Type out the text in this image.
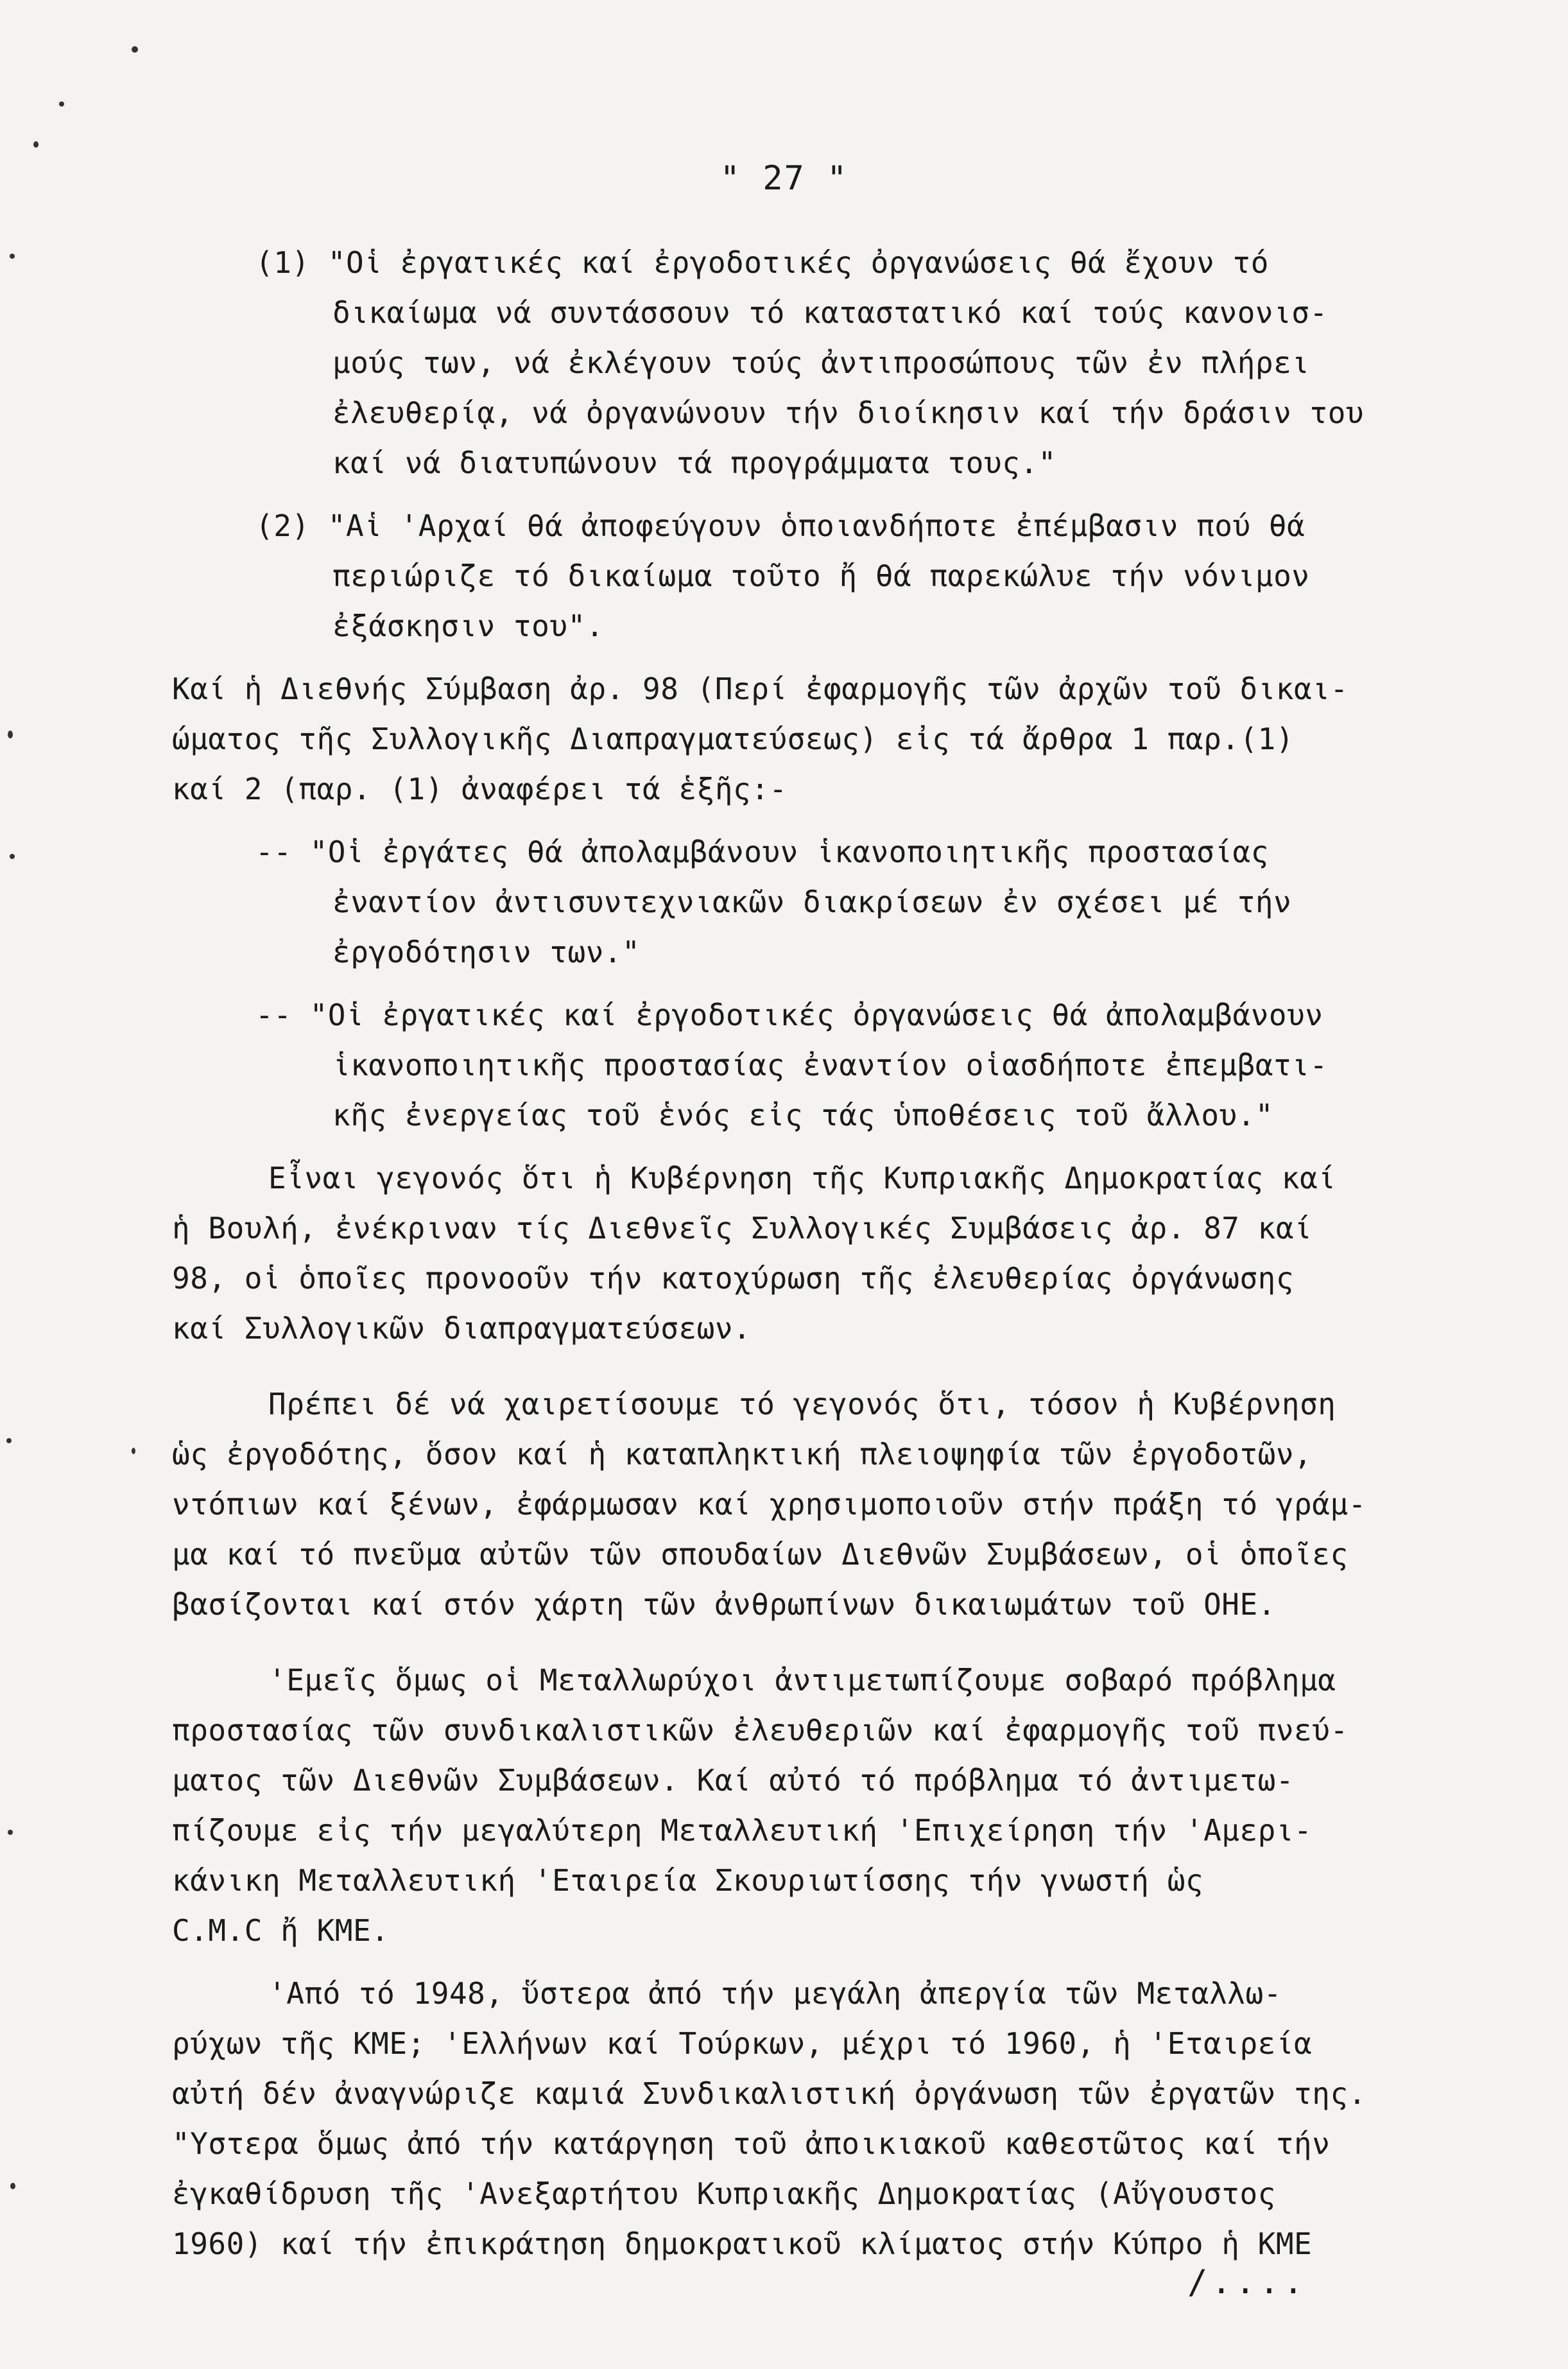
" 27 "
(1) "Οἱ ἐργατικές καί ἐργοδοτικές ὀργανώσεις θά ἔχουν τό
δικαίωμα νά συντάσσουν τό καταστατικό καί τούς κανονισ-
μούς των, νά ἐκλέγουν τούς ἀντιπροσώπους τῶν ἐν πλήρει
ἐλευθερίᾳ, νά ὀργανώνουν τήν διοίκησιν καί τήν δράσιν του
καί νά διατυπώνουν τά προγράμματα τους."
(2) "Αἱ 'Αρχαί θά ἀποφεύγουν ὁποιανδήποτε ἐπέμβασιν πού θά
περιώριζε τό δικαίωμα τοῦτο ἤ θά παρεκώλυε τήν νόνιμον
ἐξάσκησιν του".
Καί ἡ Διεθνής Σύμβαση ἀρ. 98 (Περί ἐφαρμογῆς τῶν ἀρχῶν τοῦ δικαι-
ώματος τῆς Συλλογικῆς Διαπραγματεύσεως) εἰς τά ἄρθρα 1 παρ.(1)
καί 2 (παρ. (1) ἀναφέρει τά ἑξῆς:-
-- "Οἱ ἐργάτες θά ἀπολαμβάνουν ἱκανοποιητικῆς προστασίας
ἐναντίον ἀντισυντεχνιακῶν διακρίσεων ἐν σχέσει μέ τήν
ἐργοδότησιν των."
-- "Οἱ ἐργατικές καί ἐργοδοτικές ὀργανώσεις θά ἀπολαμβάνουν
ἱκανοποιητικῆς προστασίας ἐναντίον οἱασδήποτε ἐπεμβατι-
κῆς ἐνεργείας τοῦ ἑνός εἰς τάς ὑποθέσεις τοῦ ἄλλου."
Εἶναι γεγονός ὅτι ἡ Κυβέρνηση τῆς Κυπριακῆς Δημοκρατίας καί
ἡ Βουλή, ἐνέκριναν τίς Διεθνεῖς Συλλογικές Συμβάσεις ἀρ. 87 καί
98, οἱ ὁποῖες προνοοῦν τήν κατοχύρωση τῆς ἐλευθερίας ὀργάνωσης
καί Συλλογικῶν διαπραγματεύσεων.
Πρέπει δέ νά χαιρετίσουμε τό γεγονός ὅτι, τόσον ἡ Κυβέρνηση
ὡς ἐργοδότης, ὅσον καί ἡ καταπληκτική πλειοψηφία τῶν ἐργοδοτῶν,
ντόπιων καί ξένων, ἐφάρμωσαν καί χρησιμοποιοῦν στήν πράξη τό γράμ-
μα καί τό πνεῦμα αὐτῶν τῶν σπουδαίων Διεθνῶν Συμβάσεων, οἱ ὁποῖες
βασίζονται καί στόν χάρτη τῶν ἀνθρωπίνων δικαιωμάτων τοῦ ΟΗΕ.
'Εμεῖς ὅμως οἱ Μεταλλωρύχοι ἀντιμετωπίζουμε σοβαρό πρόβλημα
προστασίας τῶν συνδικαλιστικῶν ἐλευθεριῶν καί ἐφαρμογῆς τοῦ πνεύ-
ματος τῶν Διεθνῶν Συμβάσεων. Καί αὐτό τό πρόβλημα τό ἀντιμετω-
πίζουμε εἰς τήν μεγαλύτερη Μεταλλευτική 'Επιχείρηση τήν 'Αμερι-
κάνικη Μεταλλευτική 'Εταιρεία Σκουριωτίσσης τήν γνωστή ὡς
C.M.C ἤ ΚΜΕ.
'Από τό 1948, ὕστερα ἀπό τήν μεγάλη ἀπεργία τῶν Μεταλλω-
ρύχων τῆς ΚΜΕ; 'Ελλήνων καί Τούρκων, μέχρι τό 1960, ἡ 'Εταιρεία
αὐτή δέν ἀναγνώριζε καμιά Συνδικαλιστική ὀργάνωση τῶν ἐργατῶν της.
"Υστερα ὅμως ἀπό τήν κατάργηση τοῦ ἀποικιακοῦ καθεστῶτος καί τήν
ἐγκαθίδρυση τῆς 'Ανεξαρτήτου Κυπριακῆς Δημοκρατίας (Αὔγουστος
1960) καί τήν ἐπικράτηση δημοκρατικοῦ κλίματος στήν Κύπρο ἡ ΚΜΕ
/....
